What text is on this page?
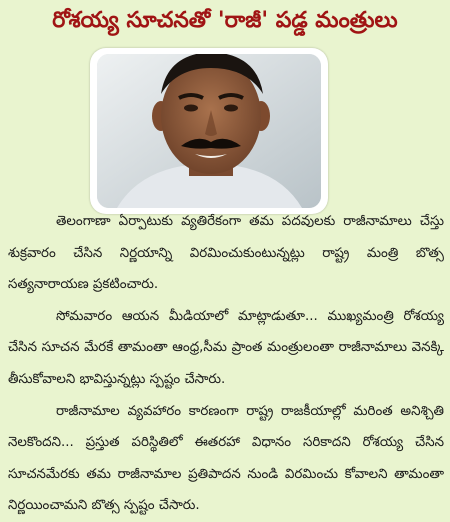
రోశయ్య సూచనతో 'రాజీ' పడ్డ మంత్రులు

తెలంగాణా ఏర్పాటుకు వ్యతిరేకంగా తమ పదవులకు రాజీనామాలు చేస్తు శుక్రవారం చేసిన నిర్ణయాన్ని విరమించుకుంటున్నట్లు రాష్ట్ర మంత్రి బొత్స సత్యనారాయణ ప్రకటించారు.

సోమవారం ఆయన మీడియాలో మాట్లాడుతూ... ముఖ్యమంత్రి రోశయ్య చేసిన సూచన మేరకే తామంతా ఆంధ్ర,సీమ ప్రాంత మంత్రులంతా రాజీనామాలు వెనక్కి తీసుకోవాలని భావిస్తున్నట్లు స్పష్టం చేసారు.

రాజీనామాల వ్యవహారం కారణంగా రాష్ట్ర రాజకీయాల్లో మరింత అనిశ్చితి నెలకొందని... ప్రస్తుత పరిస్థితిలో ఈతరహా విధానం సరికాదని రోశయ్య చేసిన సూచనమేరకు తమ రాజీనామాల ప్రతిపాదన నుండి విరమించు కోవాలని తామంతా నిర్ణయించామని బొత్స స్పష్టం చేసారు.
